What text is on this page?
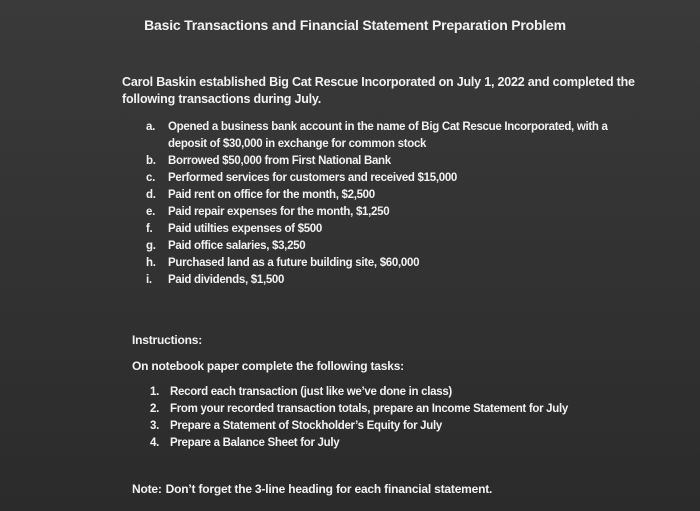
Basic Transactions and Financial Statement Preparation Problem
Carol Baskin established Big Cat Rescue Incorporated on July 1, 2022 and completed the following transactions during July.
a.	Opened a business bank account in the name of Big Cat Rescue Incorporated, with a deposit of $30,000 in exchange for common stock
b.	Borrowed $50,000 from First National Bank
c.	Performed services for customers and received $15,000
d.	Paid rent on office for the month, $2,500
e.	Paid repair expenses for the month, $1,250
f.	Paid utilties expenses of $500
g.	Paid office salaries, $3,250
h.	Purchased land as a future building site, $60,000
i.	Paid dividends, $1,500
Instructions:
On notebook paper complete the following tasks:
1. Record each transaction (just like we’ve done in class)
2. From your recorded transaction totals, prepare an Income Statement for July
3. Prepare a Statement of Stockholder’s Equity for July
4. Prepare a Balance Sheet for July
Note: Don’t forget the 3-line heading for each financial statement.
